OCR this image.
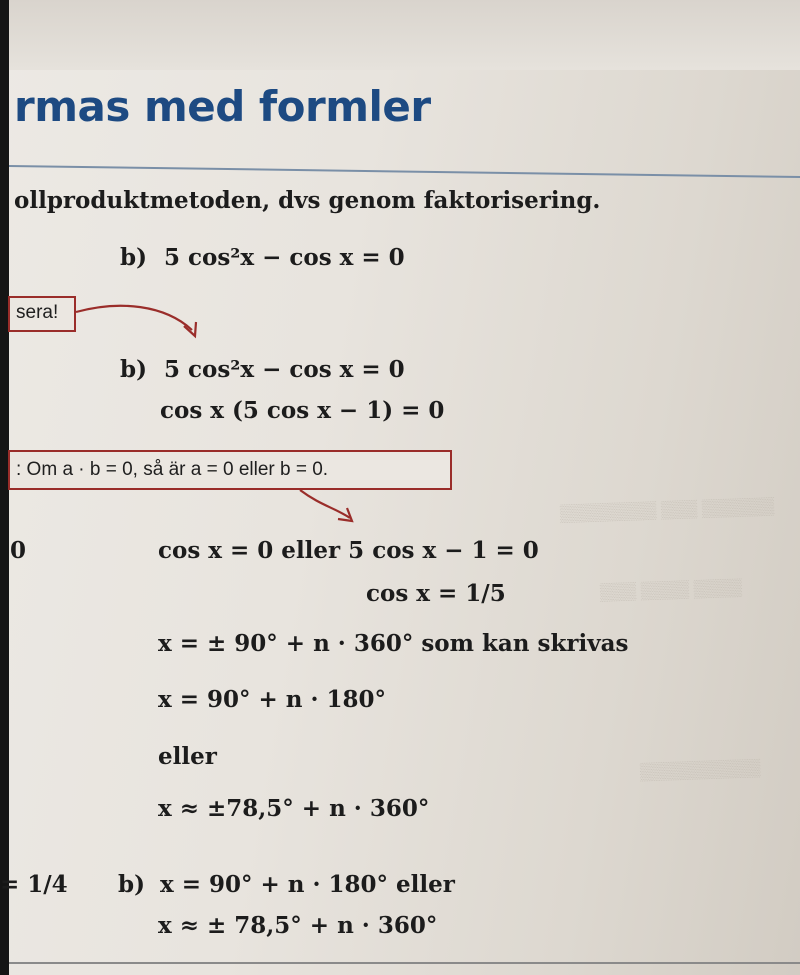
▒▒▒▒▒▒▒▒ ▒▒▒ ▒▒▒▒▒▒
▒▒▒ ▒▒▒▒ ▒▒▒▒
▒▒▒▒▒▒▒▒▒▒
rmas med formler
ollproduktmetoden, dvs genom faktorisering.
b) 5 cos²x − cos x = 0
sera!
b) 5 cos²x − cos x = 0
cos x (5 cos x − 1) = 0
: Om a · b = 0, så är a = 0 eller b = 0.
0	cos x = 0 eller 5 cos x − 1 = 0
cos x = 1/5
x = ± 90° + n · 360° som kan skrivas
x = 90° + n · 180°
eller
x ≈ ±78,5° + n · 360°
= 1/4 b) x = 90° + n · 180° eller
x ≈ ± 78,5° + n · 360°
